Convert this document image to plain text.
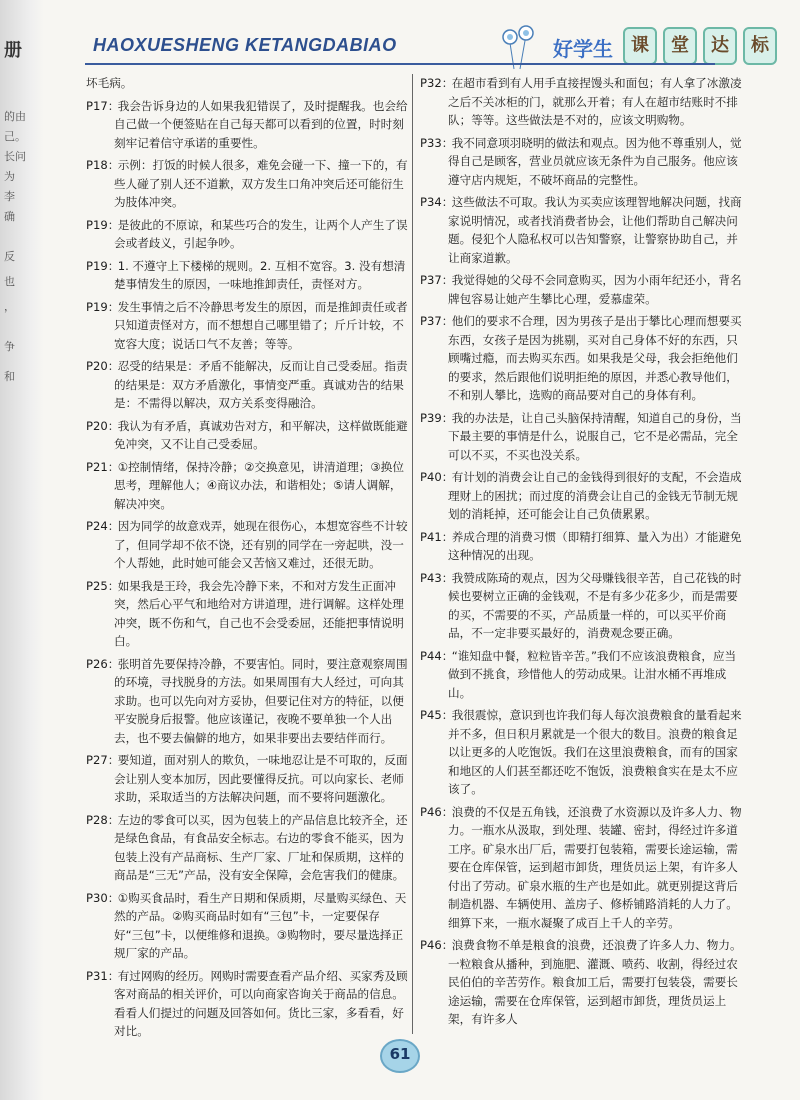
册
的由
己。
长问
为
李
确
反
也
，
争
和
HAOXUESHENG KETANGDABIAO	好学生	课	堂	达	标
坏毛病。
P17：
我会告诉身边的人如果我犯错误了，及时提醒我。也会给自己做一个便签贴在自己每天都可以看到的位置，时时刻刻牢记着信守承诺的重要性。
P18：
示例：打饭的时候人很多，难免会碰一下、撞一下的，有些人碰了别人还不道歉，双方发生口角冲突后还可能衍生为肢体冲突。
P19：
是彼此的不原谅，和某些巧合的发生，让两个人产生了误会或者歧义，引起争吵。
P19：
1. 不遵守上下楼梯的规则。2. 互相不宽容。3. 没有想清楚事情发生的原因，一味地推卸责任，责怪对方。
P19：
发生事情之后不冷静思考发生的原因，而是推卸责任或者只知道责怪对方，而不想想自己哪里错了；斤斤计较，不宽容大度；说话口气不友善；等等。
P20：
忍受的结果是：矛盾不能解决，反而让自己受委屈。指责的结果是：双方矛盾激化，事情变严重。真诚劝告的结果是：不需得以解决，双方关系变得融洽。
P20：
我认为有矛盾，真诚劝告对方，和平解决，这样做既能避免冲突，又不让自己受委屈。
P21：
①控制情绪，保持冷静；②交换意见，讲清道理；③换位思考，理解他人；④商议办法，和谐相处；⑤请人调解，解决冲突。
P24：
因为同学的故意戏弄，她现在很伤心，本想宽容些不计较了，但同学却不依不饶，还有别的同学在一旁起哄，没一个人帮她，此时她可能会又苦恼又难过，还很无助。
P25：
如果我是王玲，我会先冷静下来，不和对方发生正面冲突，然后心平气和地给对方讲道理，进行调解。这样处理冲突，既不伤和气，自己也不会受委屈，还能把事情说明白。
P26：
张明首先要保持冷静，不要害怕。同时，要注意观察周围的环境，寻找脱身的方法。如果周围有大人经过，可向其求助。也可以先向对方妥协，但要记住对方的特征，以便平安脱身后报警。他应该谨记，夜晚不要单独一个人出去，也不要去偏僻的地方，如果非要出去要结伴而行。
P27：
要知道，面对别人的欺负，一味地忍让是不可取的，反面会让别人变本加厉，因此要懂得反抗。可以向家长、老师求助，采取适当的方法解决问题，而不要将问题激化。
P28：
左边的零食可以买，因为包装上的产品信息比较齐全，还是绿色食品，有食品安全标志。右边的零食不能买，因为包装上没有产品商标、生产厂家、厂址和保质期，这样的商品是“三无”产品，没有安全保障，会危害我们的健康。
P30：
①购买食品时，看生产日期和保质期，尽量购买绿色、天然的产品。②购买商品时如有“三包”卡，一定要保存好“三包”卡，以便维修和退换。③购物时，要尽量选择正规厂家的产品。
P31：
有过网购的经历。网购时需要查看产品介绍、买家秀及顾客对商品的相关评价，可以向商家咨询关于商品的信息。看看人们提过的问题及回答如何。货比三家，多看看，好对比。
P32：
在超市看到有人用手直接捏馒头和面包；有人拿了冰激凌之后不关冰柜的门，就那么开着；有人在超市结账时不排队；等等。这些做法是不对的，应该文明购物。
P33：
我不同意项羽晓明的做法和观点。因为他不尊重别人，觉得自己是顾客，营业员就应该无条件为自己服务。他应该遵守店内规矩，不破坏商品的完整性。
P34：
这些做法不可取。我认为买卖应该理智地解决问题，找商家说明情况，或者找消费者协会，让他们帮助自己解决问题。侵犯个人隐私权可以告知警察，让警察协助自己，并让商家道歉。
P37：
我觉得她的父母不会同意购买，因为小雨年纪还小，背名牌包容易让她产生攀比心理，爱慕虚荣。
P37：
他们的要求不合理，因为男孩子是出于攀比心理而想要买东西，女孩子是因为挑剔，买对自己身体不好的东西，只顾嘴过瘾，而去购买东西。如果我是父母，我会拒绝他们的要求，然后跟他们说明拒绝的原因，并悉心教导他们，不和别人攀比，选购的商品要对自己的身体有利。
P39：
我的办法是，让自己头脑保持清醒，知道自己的身份，当下最主要的事情是什么，说服自己，它不是必需品，完全可以不买，不买也没关系。
P40：
有计划的消费会让自己的金钱得到很好的支配，不会造成理财上的困扰；而过度的消费会让自己的金钱无节制无规划的消耗掉，还可能会让自己负债累累。
P41：
养成合理的消费习惯（即精打细算、量入为出）才能避免这种情况的出现。
P43：
我赞成陈琦的观点，因为父母赚钱很辛苦，自己花钱的时候也要树立正确的金钱观，不是有多少花多少，而是需要的买，不需要的不买，产品质量一样的，可以买平价商品，不一定非要买最好的，消费观念要正确。
P44：
“谁知盘中餐，粒粒皆辛苦。”我们不应该浪费粮食，应当做到不挑食，珍惜他人的劳动成果。让泔水桶不再堆成山。
P45：
我很震惊，意识到也许我们每人每次浪费粮食的量看起来并不多，但日积月累就是一个很大的数目。浪费的粮食足以让更多的人吃饱饭。我们在这里浪费粮食，而有的国家和地区的人们甚至都还吃不饱饭，浪费粮食实在是太不应该了。
P46：
浪费的不仅是五角钱，还浪费了水资源以及许多人力、物力。一瓶水从汲取，到处理、装罐、密封，得经过许多道工序。矿泉水出厂后，需要打包装箱，需要长途运输，需要在仓库保管，运到超市卸货，理货员运上架，有许多人付出了劳动。矿泉水瓶的生产也是如此。就更别提这背后制造机器、车辆使用、盖房子、修桥铺路消耗的人力了。细算下来，一瓶水凝聚了成百上千人的辛劳。
P46：
浪费食物不单是粮食的浪费，还浪费了许多人力、物力。一粒粮食从播种，到施肥、灌溉、喷药、收割，得经过农民伯伯的辛苦劳作。粮食加工后，需要打包装袋，需要长途运输，需要在仓库保管，运到超市卸货，理货员运上架，有许多人
61
